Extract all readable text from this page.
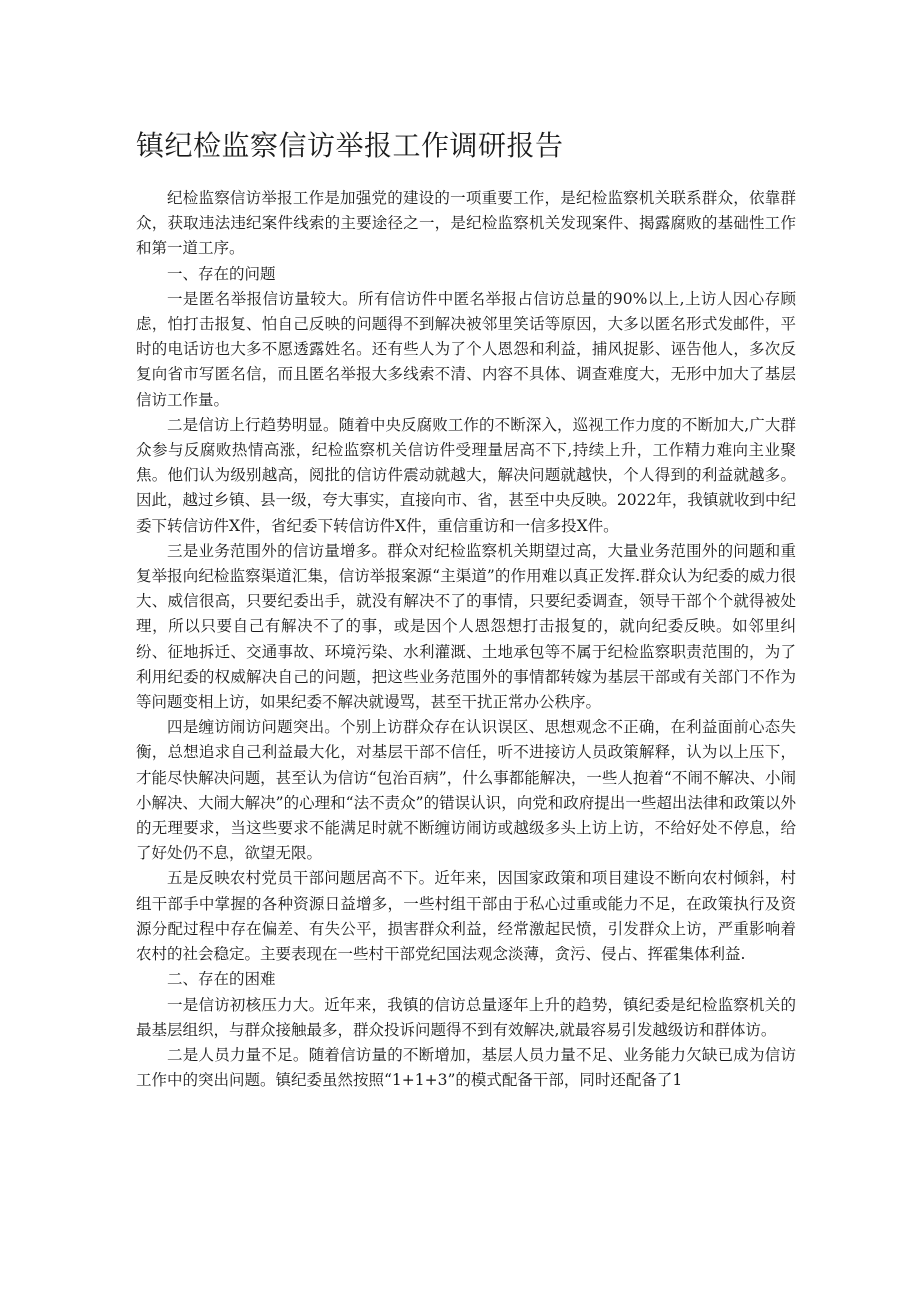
镇纪检监察信访举报工作调研报告

纪检监察信访举报工作是加强党的建设的一项重要工作，是纪检监察机关联系群众，依靠群众，获取违法违纪案件线索的主要途径之一，是纪检监察机关发现案件、揭露腐败的基础性工作和第一道工序。

一、存在的问题

一是匿名举报信访量较大。所有信访件中匿名举报占信访总量的90%以上,上访人因心存顾虑，怕打击报复、怕自己反映的问题得不到解决被邻里笑话等原因，大多以匿名形式发邮件，平时的电话访也大多不愿透露姓名。还有些人为了个人恩怨和利益，捕风捉影、诬告他人，多次反复向省市写匿名信，而且匿名举报大多线索不清、内容不具体、调查难度大，无形中加大了基层信访工作量。

二是信访上行趋势明显。随着中央反腐败工作的不断深入，巡视工作力度的不断加大,广大群众参与反腐败热情高涨，纪检监察机关信访件受理量居高不下,持续上升，工作精力难向主业聚焦。他们认为级别越高，阅批的信访件震动就越大，解决问题就越快，个人得到的利益就越多。因此，越过乡镇、县一级，夸大事实，直接向市、省，甚至中央反映。2022年，我镇就收到中纪委下转信访件X件，省纪委下转信访件X件，重信重访和一信多投X件。

三是业务范围外的信访量增多。群众对纪检监察机关期望过高，大量业务范围外的问题和重复举报向纪检监察渠道汇集，信访举报案源“主渠道”的作用难以真正发挥.群众认为纪委的威力很大、威信很高，只要纪委出手，就没有解决不了的事情，只要纪委调查，领导干部个个就得被处理，所以只要自己有解决不了的事，或是因个人恩怨想打击报复的，就向纪委反映。如邻里纠纷、征地拆迁、交通事故、环境污染、水利灌溉、土地承包等不属于纪检监察职责范围的，为了利用纪委的权威解决自己的问题，把这些业务范围外的事情都转嫁为基层干部或有关部门不作为等问题变相上访，如果纪委不解决就谩骂，甚至干扰正常办公秩序。

四是缠访闹访问题突出。个别上访群众存在认识误区、思想观念不正确，在利益面前心态失衡，总想追求自己利益最大化，对基层干部不信任，听不进接访人员政策解释，认为以上压下，才能尽快解决问题，甚至认为信访“包治百病”，什么事都能解决，一些人抱着“不闹不解决、小闹小解决、大闹大解决”的心理和“法不责众”的错误认识，向党和政府提出一些超出法律和政策以外的无理要求，当这些要求不能满足时就不断缠访闹访或越级多头上访上访，不给好处不停息，给了好处仍不息，欲望无限。

五是反映农村党员干部问题居高不下。近年来，因国家政策和项目建设不断向农村倾斜，村组干部手中掌握的各种资源日益增多，一些村组干部由于私心过重或能力不足，在政策执行及资源分配过程中存在偏差、有失公平，损害群众利益，经常激起民愤，引发群众上访，严重影响着农村的社会稳定。主要表现在一些村干部党纪国法观念淡薄，贪污、侵占、挥霍集体利益.

二、存在的困难

一是信访初核压力大。近年来，我镇的信访总量逐年上升的趋势，镇纪委是纪检监察机关的最基层组织，与群众接触最多，群众投诉问题得不到有效解决,就最容易引发越级访和群体访。

二是人员力量不足。随着信访量的不断增加，基层人员力量不足、业务能力欠缺已成为信访工作中的突出问题。镇纪委虽然按照“1+1+3”的模式配备干部，同时还配备了1
